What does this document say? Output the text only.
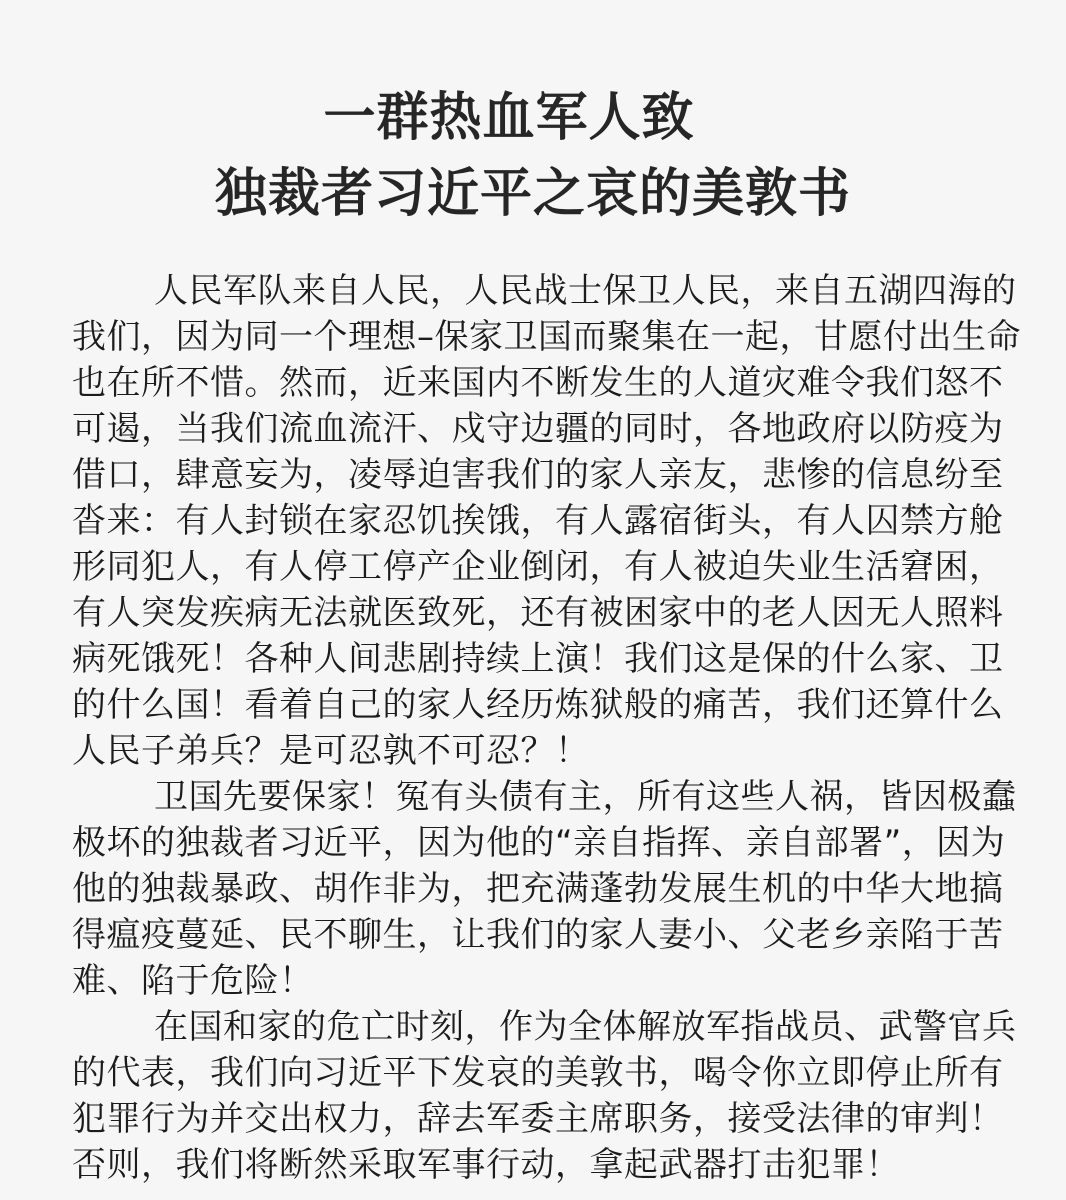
一群热血军人致
独裁者习近平之哀的美敦书
人民军队来自人民，人民战士保卫人民，来自五湖四海的
我们，因为同一个理想–保家卫国而聚集在一起，甘愿付出生命
也在所不惜。然而，近来国内不断发生的人道灾难令我们怒不
可遏，当我们流血流汗、戍守边疆的同时，各地政府以防疫为
借口，肆意妄为，凌辱迫害我们的家人亲友，悲惨的信息纷至
沓来：有人封锁在家忍饥挨饿，有人露宿街头，有人囚禁方舱
形同犯人，有人停工停产企业倒闭，有人被迫失业生活窘困，
有人突发疾病无法就医致死，还有被困家中的老人因无人照料
病死饿死！各种人间悲剧持续上演！我们这是保的什么家、卫
的什么国！看着自己的家人经历炼狱般的痛苦，我们还算什么
人民子弟兵？是可忍孰不可忍？！
卫国先要保家！冤有头债有主，所有这些人祸，皆因极蠢
极坏的独裁者习近平，因为他的“亲自指挥、亲自部署”，因为
他的独裁暴政、胡作非为，把充满蓬勃发展生机的中华大地搞
得瘟疫蔓延、民不聊生，让我们的家人妻小、父老乡亲陷于苦
难、陷于危险！
在国和家的危亡时刻，作为全体解放军指战员、武警官兵
的代表，我们向习近平下发哀的美敦书，喝令你立即停止所有
犯罪行为并交出权力，辞去军委主席职务，接受法律的审判！
否则，我们将断然采取军事行动，拿起武器打击犯罪！
